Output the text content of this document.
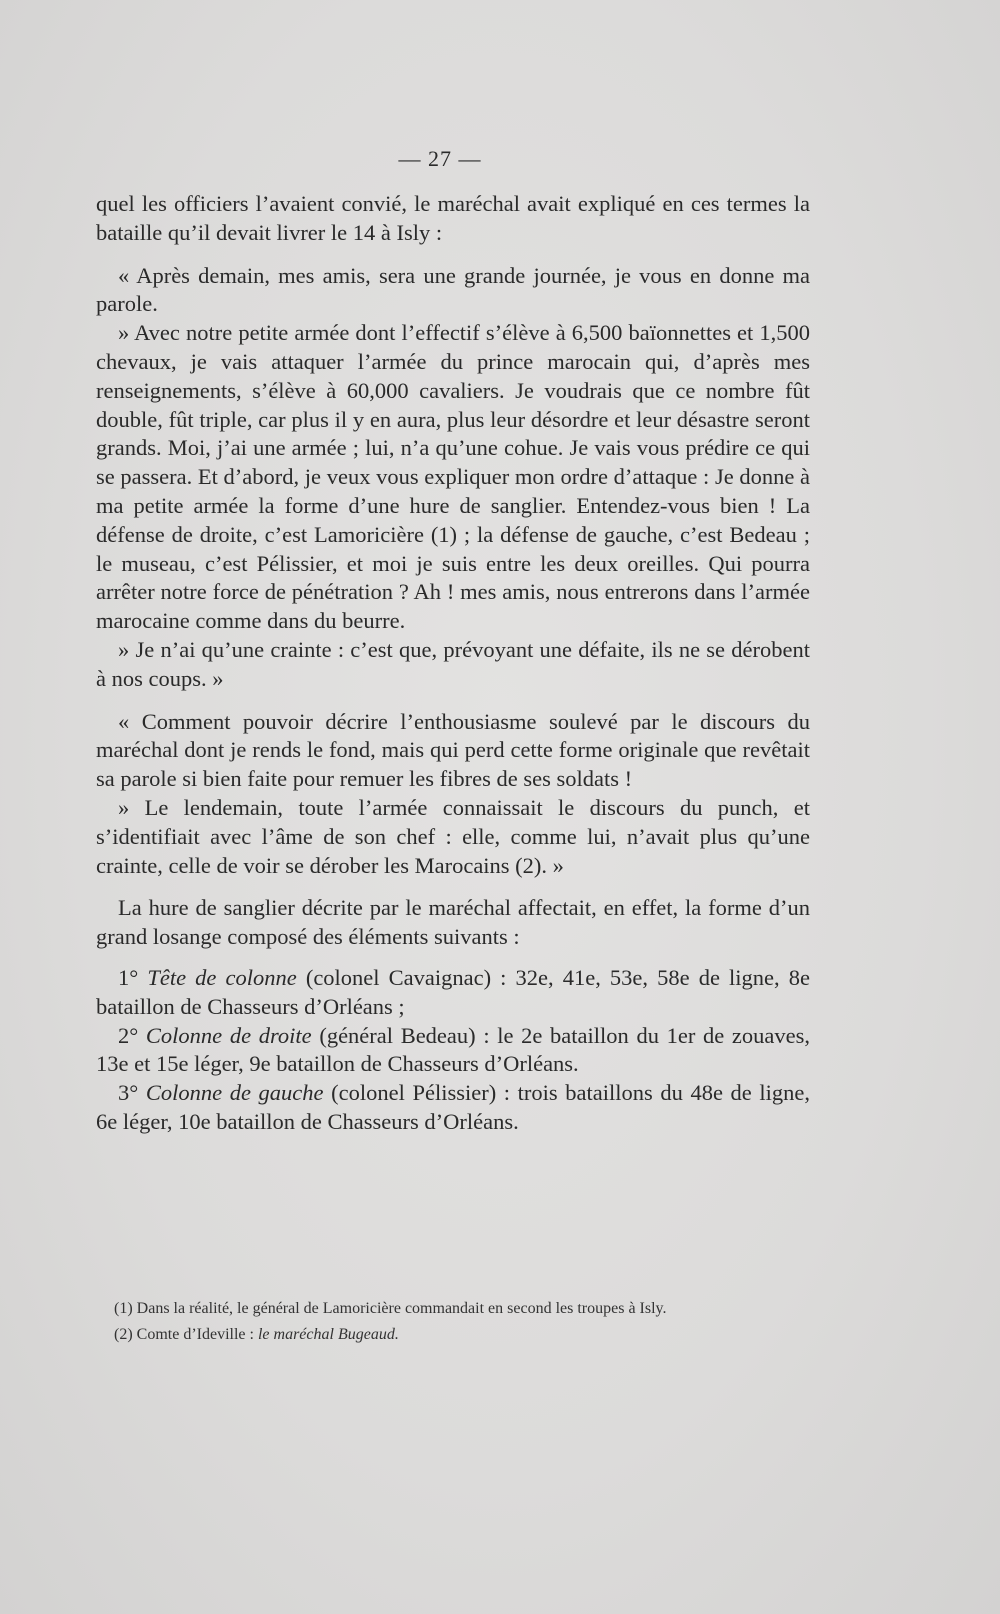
— 27 —

quel les officiers l’avaient convié, le maréchal avait expliqué en ces termes la bataille qu’il devait livrer le 14 à Isly :

« Après demain, mes amis, sera une grande journée, je vous en donne ma parole.

» Avec notre petite armée dont l’effectif s’élève à 6,500 baïonnettes et 1,500 chevaux, je vais attaquer l’armée du prince marocain qui, d’après mes renseignements, s’élève à 60,000 cavaliers. Je voudrais que ce nombre fût double, fût triple, car plus il y en aura, plus leur désordre et leur désastre seront grands. Moi, j’ai une armée ; lui, n’a qu’une cohue. Je vais vous prédire ce qui se passera. Et d’abord, je veux vous expliquer mon ordre d’attaque : Je donne à ma petite armée la forme d’une hure de sanglier. Entendez-vous bien ! La défense de droite, c’est Lamoricière (1) ; la défense de gauche, c’est Bedeau ; le museau, c’est Pélissier, et moi je suis entre les deux oreilles. Qui pourra arrêter notre force de pénétration ? Ah ! mes amis, nous entrerons dans l’armée marocaine comme dans du beurre.

» Je n’ai qu’une crainte : c’est que, prévoyant une défaite, ils ne se dérobent à nos coups. »

« Comment pouvoir décrire l’enthousiasme soulevé par le discours du maréchal dont je rends le fond, mais qui perd cette forme originale que revêtait sa parole si bien faite pour remuer les fibres de ses soldats !

» Le lendemain, toute l’armée connaissait le discours du punch, et s’identifiait avec l’âme de son chef : elle, comme lui, n’avait plus qu’une crainte, celle de voir se dérober les Marocains (2). »

La hure de sanglier décrite par le maréchal affectait, en effet, la forme d’un grand losange composé des éléments suivants :

1° Tête de colonne (colonel Cavaignac) : 32e, 41e, 53e, 58e de ligne, 8e bataillon de Chasseurs d’Orléans ;

2° Colonne de droite (général Bedeau) : le 2e bataillon du 1er de zouaves, 13e et 15e léger, 9e bataillon de Chasseurs d’Orléans.

3° Colonne de gauche (colonel Pélissier) : trois bataillons du 48e de ligne, 6e léger, 10e bataillon de Chasseurs d’Orléans.

(1) Dans la réalité, le général de Lamoricière commandait en second les troupes à Isly.

(2) Comte d’Ideville : le maréchal Bugeaud.
